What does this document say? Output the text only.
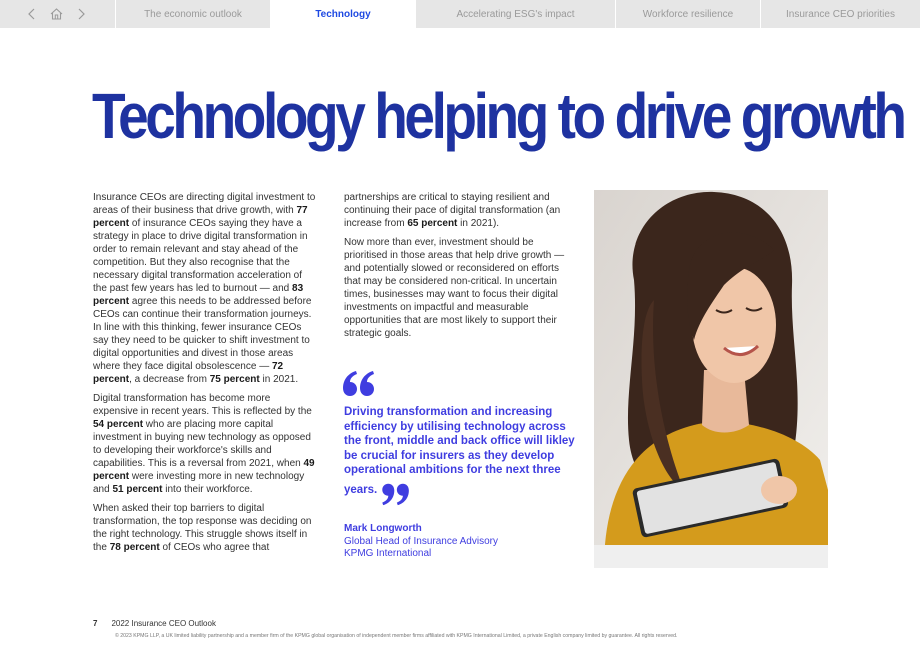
The economic outlook	Technology	Accelerating ESG's impact	Workforce resilience	Insurance CEO priorities
Technology helping to drive growth

Insurance CEOs are directing digital investment to areas of their business that drive growth, with 77 percent of insurance CEOs saying they have a strategy in place to drive digital transformation in order to remain relevant and stay ahead of the competition. But they also recognise that the necessary digital transformation acceleration of the past few years has led to burnout — and 83 percent agree this needs to be addressed before CEOs can continue their transformation journeys. In line with this thinking, fewer insurance CEOs say they need to be quicker to shift investment to digital opportunities and divest in those areas where they face digital obsolescence — 72 percent, a decrease from 75 percent in 2021.

Digital transformation has become more expensive in recent years. This is reflected by the 54 percent who are placing more capital investment in buying new technology as opposed to developing their workforce's skills and capabilities. This is a reversal from 2021, when 49 percent were investing more in new technology and 51 percent into their workforce.

When asked their top barriers to digital transformation, the top response was deciding on the right technology. This struggle shows itself in the 78 percent of CEOs who agree that

partnerships are critical to staying resilient and continuing their pace of digital transformation (an increase from 65 percent in 2021).

Now more than ever, investment should be prioritised in those areas that help drive growth — and potentially slowed or reconsidered on efforts that may be considered non-critical. In uncertain times, businesses may want to focus their digital investments on impactful and measurable opportunities that are most likely to support their strategic goals.

Driving transformation and increasing efficiency by utilising technology across the front, middle and back office will likley be crucial for insurers as they develop operational ambitions for the next three years.
Mark Longworth
Global Head of Insurance Advisory
KPMG International
7 2022 Insurance CEO Outlook
© 2023 KPMG LLP, a UK limited liability partnership and a member firm of the KPMG global organisation of independent member firms affiliated with KPMG International Limited, a private English company limited by guarantee. All rights reserved.
